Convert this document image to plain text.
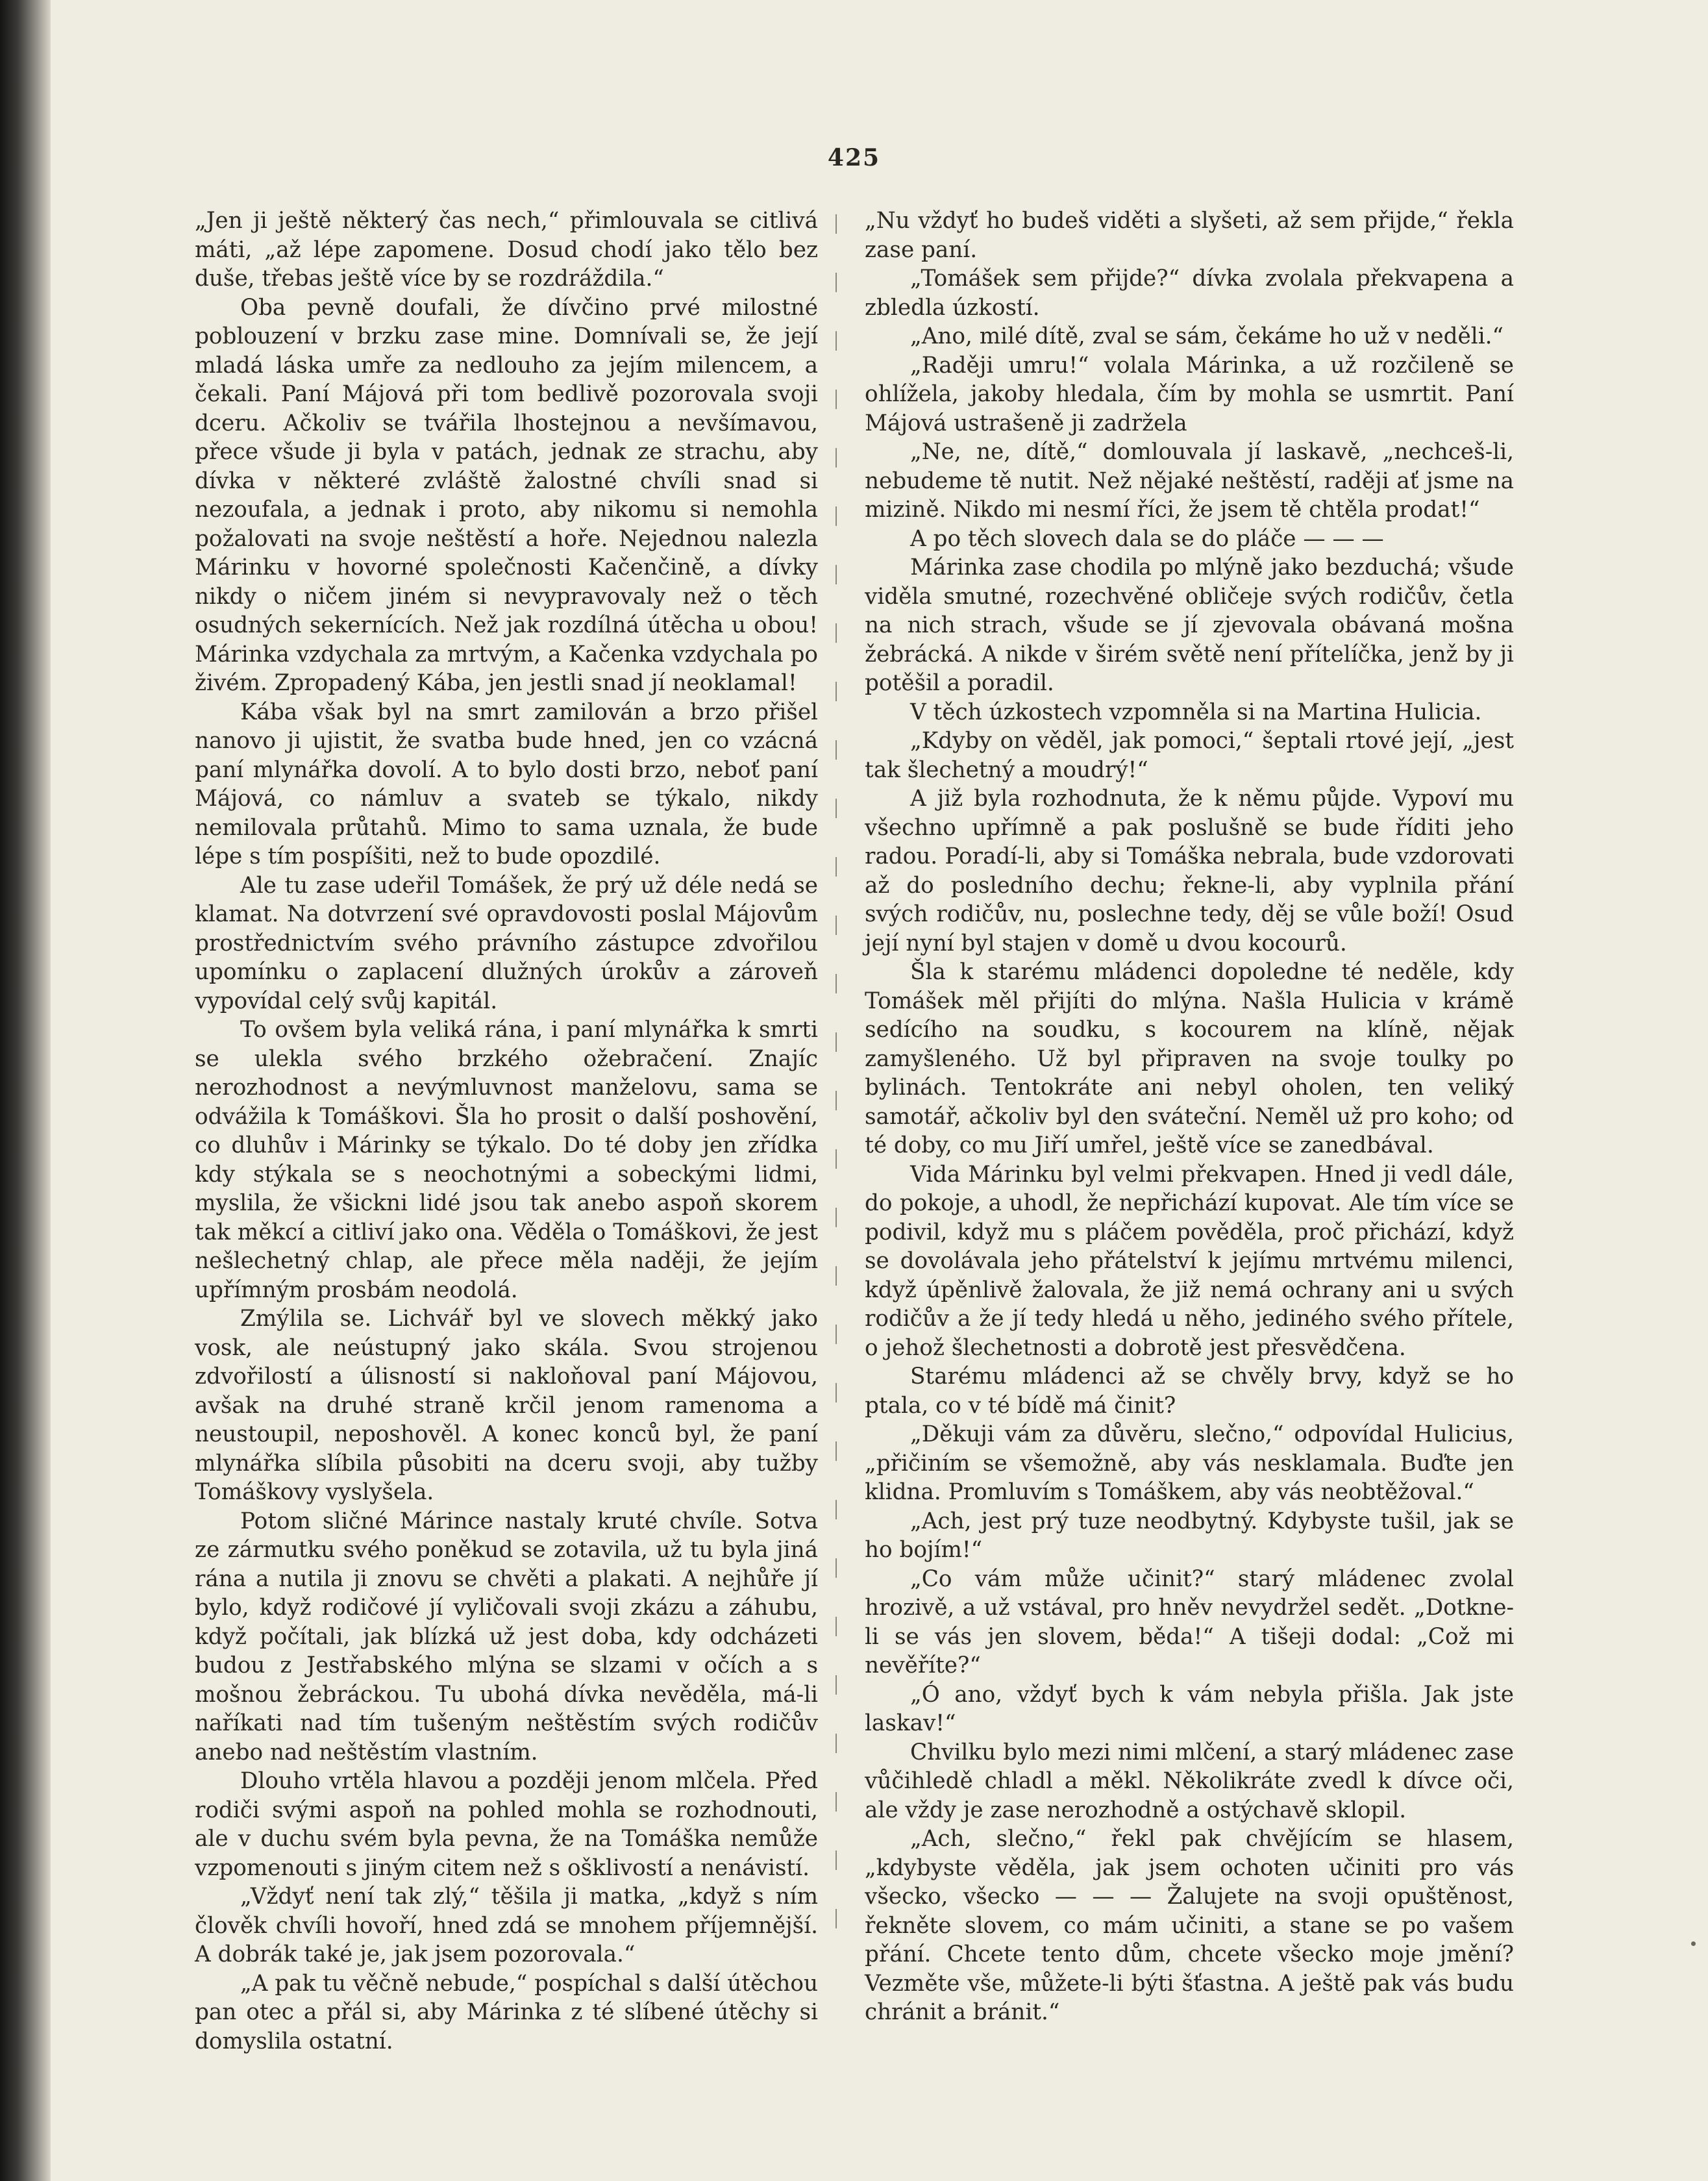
425

„Jen ji ještě některý čas nech,“ přimlouvala se citlivá máti, „až lépe zapomene. Dosud chodí jako tělo bez duše, třebas ještě více by se rozdráždila.“

Oba pevně doufali, že dívčino prvé milostné poblouzení v brzku zase mine. Domnívali se, že její mladá láska umře za nedlouho za jejím milencem, a čekali. Paní Májová při tom bedlivě pozorovala svoji dceru. Ačkoliv se tvářila lhostejnou a nevšímavou, přece všude ji byla v patách, jednak ze strachu, aby dívka v některé zvláště žalostné chvíli snad si nezoufala, a jednak i proto, aby nikomu si nemohla požalovati na svoje neštěstí a hoře. Nejednou nalezla Márinku v hovorné společnosti Kačenčině, a dívky nikdy o ničem jiném si nevypravovaly než o těch osudných sekernících. Než jak rozdílná útěcha u obou! Márinka vzdychala za mrtvým, a Kačenka vzdychala po živém. Zpropadený Kába, jen jestli snad jí neoklamal!

Kába však byl na smrt zamilován a brzo přišel nanovo ji ujistit, že svatba bude hned, jen co vzácná paní mlynářka dovolí. A to bylo dosti brzo, neboť paní Májová, co námluv a svateb se týkalo, nikdy nemilovala průtahů. Mimo to sama uznala, že bude lépe s tím pospíšiti, než to bude opozdilé.

Ale tu zase udeřil Tomášek, že prý už déle nedá se klamat. Na dotvrzení své opravdovosti poslal Májovům prostřednictvím svého právního zástupce zdvořilou upomínku o zaplacení dlužných úrokův a zároveň vypovídal celý svůj kapitál.

To ovšem byla veliká rána, i paní mlynářka k smrti se ulekla svého brzkého ožebračení. Znajíc nerozhodnost a nevýmluvnost manželovu, sama se odvážila k Tomáškovi. Šla ho prosit o další poshovění, co dluhův i Márinky se týkalo. Do té doby jen zřídka kdy stýkala se s neochotnými a sobeckými lidmi, myslila, že všickni lidé jsou tak anebo aspoň skorem tak měkcí a citliví jako ona. Věděla o Tomáškovi, že jest nešlechetný chlap, ale přece měla naději, že jejím upřímným prosbám neodolá.

Zmýlila se. Lichvář byl ve slovech měkký jako vosk, ale neústupný jako skála. Svou strojenou zdvořilostí a úlisností si nakloňoval paní Májovou, avšak na druhé straně krčil jenom ramenoma a neustoupil, neposhověl. A konec konců byl, že paní mlynářka slíbila působiti na dceru svoji, aby tužby Tomáškovy vyslyšela.

Potom sličné Márince nastaly kruté chvíle. Sotva ze zármutku svého poněkud se zotavila, už tu byla jiná rána a nutila ji znovu se chvěti a plakati. A nejhůře jí bylo, když rodičové jí vyličovali svoji zkázu a záhubu, když počítali, jak blízká už jest doba, kdy odcházeti budou z Jestřabského mlýna se slzami v očích a s mošnou žebráckou. Tu ubohá dívka nevěděla, má-li naříkati nad tím tušeným neštěstím svých rodičův anebo nad neštěstím vlastním.

Dlouho vrtěla hlavou a později jenom mlčela. Před rodiči svými aspoň na pohled mohla se rozhodnouti, ale v duchu svém byla pevna, že na Tomáška nemůže vzpomenouti s jiným citem než s ošklivostí a nenávistí.

„Vždyť není tak zlý,“ těšila ji matka, „když s ním člověk chvíli hovoří, hned zdá se mnohem příjemnější. A dobrák také je, jak jsem pozorovala.“

„A pak tu věčně nebude,“ pospíchal s další útěchou pan otec a přál si, aby Márinka z té slíbené útěchy si domyslila ostatní.

„Nu vždyť ho budeš viděti a slyšeti, až sem přijde,“ řekla zase paní.

„Tomášek sem přijde?“ dívka zvolala překvapena a zbledla úzkostí.

„Ano, milé dítě, zval se sám, čekáme ho už v neděli.“

„Raději umru!“ volala Márinka, a už rozčileně se ohlížela, jakoby hledala, čím by mohla se usmrtit. Paní Májová ustrašeně ji zadržela

„Ne, ne, dítě,“ domlouvala jí laskavě, „nechceš-li, nebudeme tě nutit. Než nějaké neštěstí, raději ať jsme na mizině. Nikdo mi nesmí říci, že jsem tě chtěla prodat!“

A po těch slovech dala se do pláče — — —

Márinka zase chodila po mlýně jako bezduchá; všude viděla smutné, rozechvěné obličeje svých rodičův, četla na nich strach, všude se jí zjevovala obávaná mošna žebrácká. A nikde v širém světě není přítelíčka, jenž by ji potěšil a poradil.

V těch úzkostech vzpomněla si na Martina Hulicia.

„Kdyby on věděl, jak pomoci,“ šeptali rtové její, „jest tak šlechetný a moudrý!“

A již byla rozhodnuta, že k němu půjde. Vypoví mu všechno upřímně a pak poslušně se bude říditi jeho radou. Poradí-li, aby si Tomáška nebrala, bude vzdorovati až do posledního dechu; řekne-li, aby vyplnila přání svých rodičův, nu, poslechne tedy, děj se vůle boží! Osud její nyní byl stajen v domě u dvou kocourů.

Šla k starému mládenci dopoledne té neděle, kdy Tomášek měl přijíti do mlýna. Našla Hulicia v krámě sedícího na soudku, s kocourem na klíně, nějak zamyšleného. Už byl připraven na svoje toulky po bylinách. Tentokráte ani nebyl oholen, ten veliký samotář, ačkoliv byl den sváteční. Neměl už pro koho; od té doby, co mu Jiří umřel, ještě více se zanedbával.

Vida Márinku byl velmi překvapen. Hned ji vedl dále, do pokoje, a uhodl, že nepřichází kupovat. Ale tím více se podivil, když mu s pláčem pověděla, proč přichází, když se dovolávala jeho přátelství k jejímu mrtvému milenci, když úpěnlivě žalovala, že již nemá ochrany ani u svých rodičův a že jí tedy hledá u něho, jediného svého přítele, o jehož šlechetnosti a dobrotě jest přesvědčena.

Starému mládenci až se chvěly brvy, když se ho ptala, co v té bídě má činit?

„Děkuji vám za důvěru, slečno,“ odpovídal Hulicius, „přičiním se všemožně, aby vás nesklamala. Buďte jen klidna. Promluvím s Tomáškem, aby vás neobtěžoval.“

„Ach, jest prý tuze neodbytný. Kdybyste tušil, jak se ho bojím!“

„Co vám může učinit?“ starý mládenec zvolal hrozivě, a už vstával, pro hněv nevydržel sedět. „Dotkne-li se vás jen slovem, běda!“ A tišeji dodal: „Což mi nevěříte?“

„Ó ano, vždyť bych k vám nebyla přišla. Jak jste laskav!“

Chvilku bylo mezi nimi mlčení, a starý mládenec zase vůčihledě chladl a měkl. Několikráte zvedl k dívce oči, ale vždy je zase nerozhodně a ostýchavě sklopil.

„Ach, slečno,“ řekl pak chvějícím se hlasem, „kdybyste věděla, jak jsem ochoten učiniti pro vás všecko, všecko — — — Žalujete na svoji opuštěnost, řekněte slovem, co mám učiniti, a stane se po vašem přání. Chcete tento dům, chcete všecko moje jmění? Vezměte vše, můžete-li býti šťastna. A ještě pak vás budu chránit a bránit.“
